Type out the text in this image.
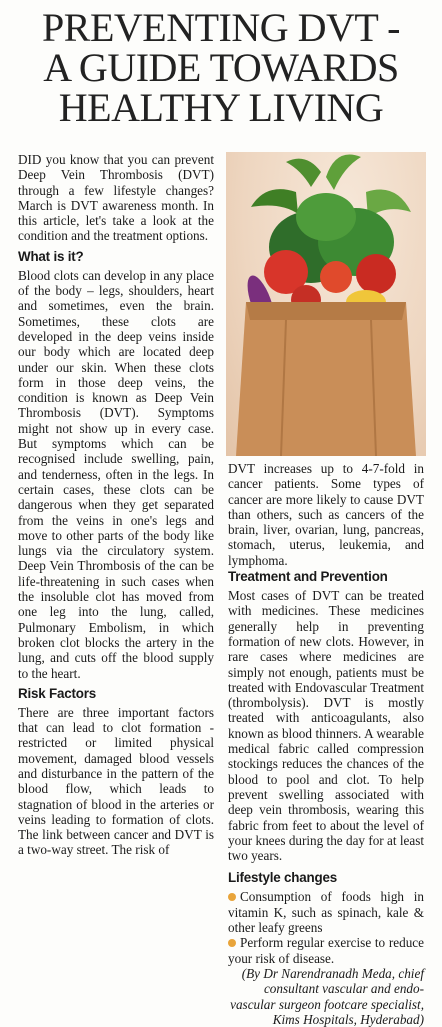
PREVENTING DVT -
A GUIDE TOWARDS
HEALTHY LIVING

DID you know that you can prevent Deep Vein Thrombosis (DVT) through a few lifestyle changes? March is DVT awareness month. In this article, let's take a look at the condition and the treatment options.

What is it?

Blood clots can develop in any place of the body – legs, shoulders, heart and sometimes, even the brain. Sometimes, these clots are developed in the deep veins inside our body which are located deep under our skin. When these clots form in those deep veins, the condition is known as Deep Vein Thrombosis (DVT). Symptoms might not show up in every case. But symptoms which can be recognised include swelling, pain, and tenderness, often in the legs. In certain cases, these clots can be dangerous when they get separated from the veins in one's legs and move to other parts of the body like lungs via the circulatory system. Deep Vein Thrombosis of the can be life-threatening in such cases when the insoluble clot has moved from one leg into the lung, called, Pulmonary Embolism, in which broken clot blocks the artery in the lung, and cuts off the blood supply to the heart.

Risk Factors

There are three important factors that can lead to clot formation - restricted or limited physical movement, damaged blood vessels and disturbance in the pattern of the blood flow, which leads to stagnation of blood in the arteries or veins leading to formation of clots. The link between cancer and DVT is a two-way street. The risk of

DVT increases up to 4-7-fold in cancer patients. Some types of cancer are more likely to cause DVT than others, such as cancers of the brain, liver, ovarian, lung, pancreas, stomach, uterus, leukemia, and lymphoma.

Treatment and Prevention

Most cases of DVT can be treated with medicines. These medicines generally help in preventing formation of new clots. However, in rare cases where medicines are simply not enough, patients must be treated with Endovascular Treatment (thrombolysis). DVT is mostly treated with anticoagulants, also known as blood thinners. A wearable medical fabric called compression stockings reduces the chances of the blood to pool and clot. To help prevent swelling associated with deep vein thrombosis, wearing this fabric from feet to about the level of your knees during the day for at least two years.

Lifestyle changes

Consumption of foods high in vitamin K, such as spinach, kale & other leafy greens

Perform regular exercise to reduce your risk of disease.

(By Dr Narendranadh Meda, chief consultant vascular and endo-vascular surgeon footcare specialist, Kims Hospitals, Hyderabad)
